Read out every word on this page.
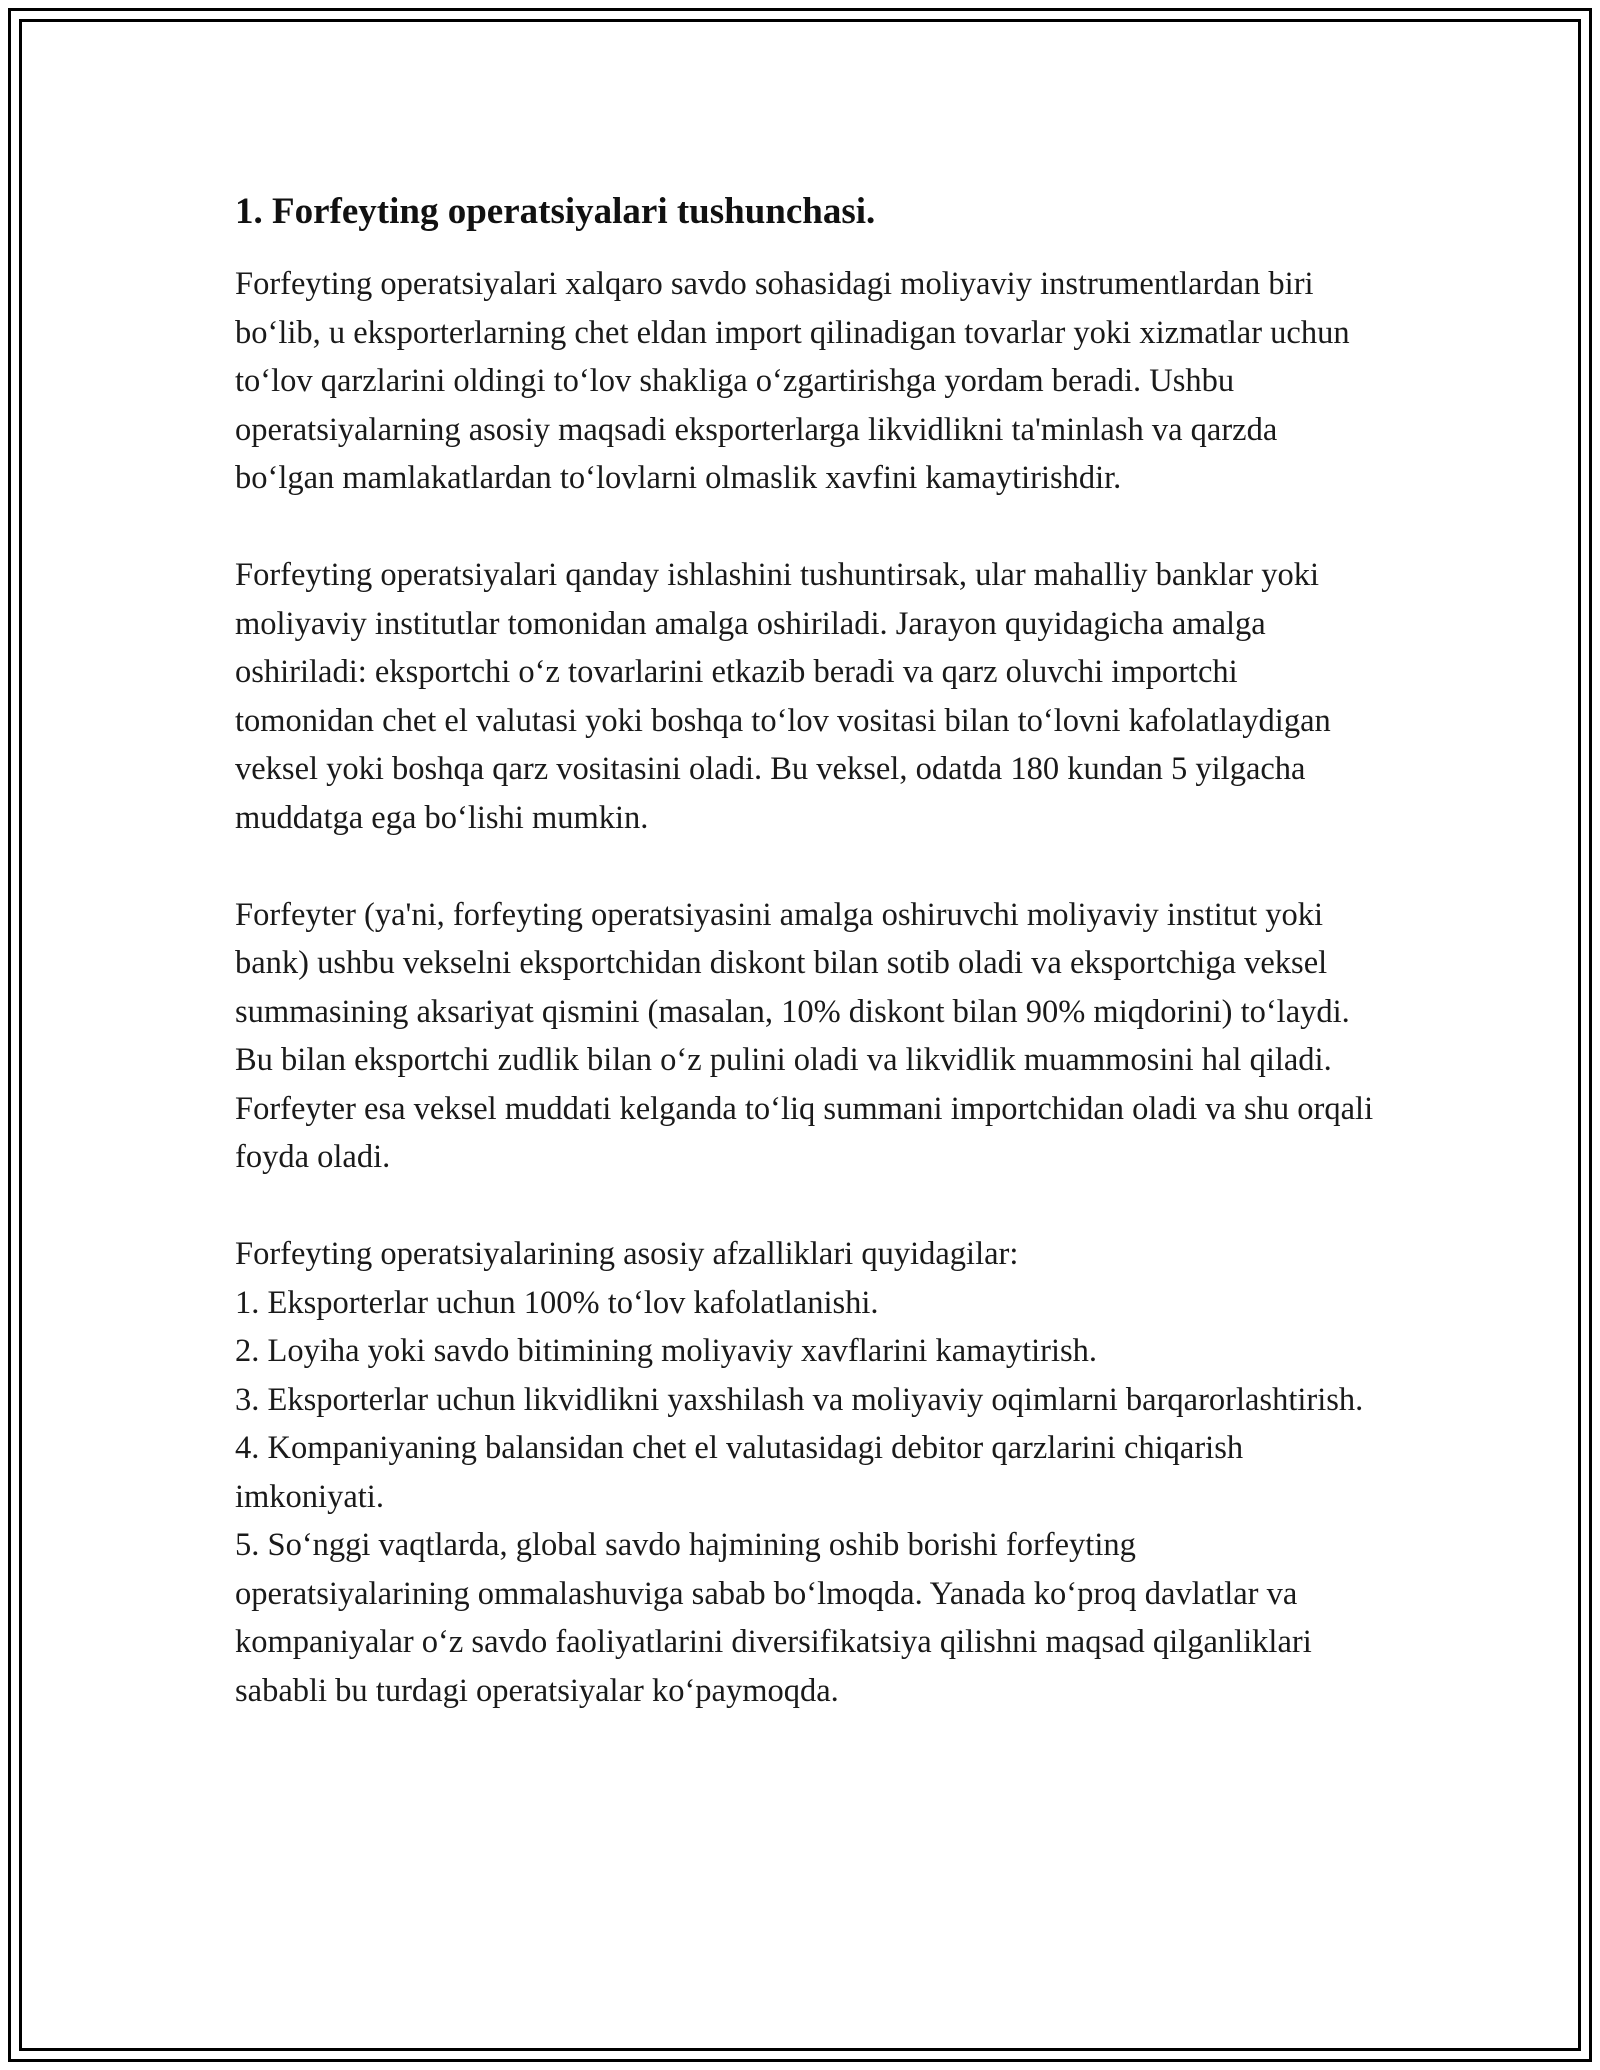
1. Forfeyting operatsiyalari tushunchasi.

Forfeyting operatsiyalari xalqaro savdo sohasidagi moliyaviy instrumentlardan biri bo‘lib, u eksporterlarning chet eldan import qilinadigan tovarlar yoki xizmatlar uchun to‘lov qarzlarini oldingi to‘lov shakliga o‘zgartirishga yordam beradi. Ushbu operatsiyalarning asosiy maqsadi eksporterlarga likvidlikni ta'minlash va qarzda bo‘lgan mamlakatlardan to‘lovlarni olmaslik xavfini kamaytirishdir.

Forfeyting operatsiyalari qanday ishlashini tushuntirsak, ular mahalliy banklar yoki moliyaviy institutlar tomonidan amalga oshiriladi. Jarayon quyidagicha amalga oshiriladi: eksportchi o‘z tovarlarini etkazib beradi va qarz oluvchi importchi tomonidan chet el valutasi yoki boshqa to‘lov vositasi bilan to‘lovni kafolatlaydigan veksel yoki boshqa qarz vositasini oladi. Bu veksel, odatda 180 kundan 5 yilgacha muddatga ega bo‘lishi mumkin.

Forfeyter (ya'ni, forfeyting operatsiyasini amalga oshiruvchi moliyaviy institut yoki bank) ushbu vekselni eksportchidan diskont bilan sotib oladi va eksportchiga veksel summasining aksariyat qismini (masalan, 10% diskont bilan 90% miqdorini) to‘laydi. Bu bilan eksportchi zudlik bilan o‘z pulini oladi va likvidlik muammosini hal qiladi. Forfeyter esa veksel muddati kelganda to‘liq summani importchidan oladi va shu orqali foyda oladi.

Forfeyting operatsiyalarining asosiy afzalliklari quyidagilar:

1. Eksporterlar uchun 100% to‘lov kafolatlanishi.

2. Loyiha yoki savdo bitimining moliyaviy xavflarini kamaytirish.

3. Eksporterlar uchun likvidlikni yaxshilash va moliyaviy oqimlarni barqarorlashtirish.

4. Kompaniyaning balansidan chet el valutasidagi debitor qarzlarini chiqarish imkoniyati.

5. So‘nggi vaqtlarda, global savdo hajmining oshib borishi forfeyting operatsiyalarining ommalashuviga sabab bo‘lmoqda. Yanada ko‘proq davlatlar va kompaniyalar o‘z savdo faoliyatlarini diversifikatsiya qilishni maqsad qilganliklari sababli bu turdagi operatsiyalar ko‘paymoqda.
